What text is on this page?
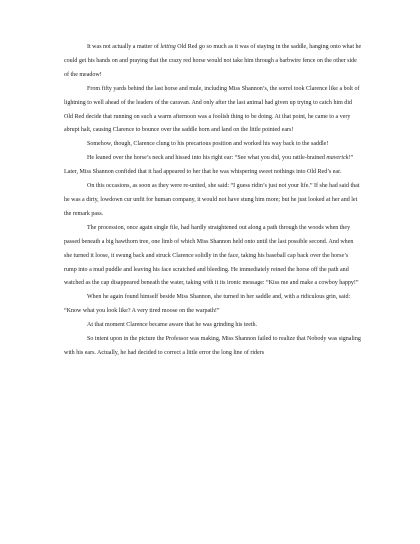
It was not actually a matter of letting Old Red go so much as it was of staying in the saddle, hanging onto what he could get his hands on and praying that the crazy red horse would not take him through a barbwire fence on the other side of the meadow!

From fifty yards behind the last horse and mule, including Miss Shannon’s, the sorrel took Clarence like a bolt of lightning to well ahead of the leaders of the caravan. And only after the last animal had given up trying to catch him did Old Red decide that running on such a warm afternoon was a foolish thing to be doing. At that point, he came to a very abrupt halt, causing Clarence to bounce over the saddle horn and land on the little pointed ears!

Somehow, though, Clarence clung to his precarious position and worked his way back to the saddle!

He leaned over the horse’s neck and hissed into his right ear: “See what you did, you rattle-brained maverick!” Later, Miss Shannon confided that it had appeared to her that he was whispering sweet nothings into Old Red’s ear.

On this occasions, as soon as they were re-united, she said: “I guess ridin’s just not your life.” If she had said that he was a dirty, lowdown cur unfit for human company, it would not have stung him more; but he just looked at her and let the remark pass.

The procession, once again single file, had hardly straightened out along a path through the woods when they passed beneath a big hawthorn tree, one limb of which Miss Shannon held onto until the last possible second. And when she turned it loose, it swung back and struck Clarence solidly in the face, taking his baseball cap back over the horse’s rump into a mud puddle and leaving his face scratched and bleeding. He immediately reined the horse off the path and watched as the cap disappeared beneath the water, taking with it its ironic message: “Kiss me and make a cowboy happy!”

When he again found himself beside Miss Shannon, she turned in her saddle and, with a ridiculous grin, said: “Know what you look like? A very tired moose on the warpath!”

At that moment Clarence became aware that he was grinding his teeth.

So intent upon in the picture the Professor was making, Miss Shannon failed to realize that Nobody was signaling with his ears. Actually, he had decided to correct a little error the long line of riders
